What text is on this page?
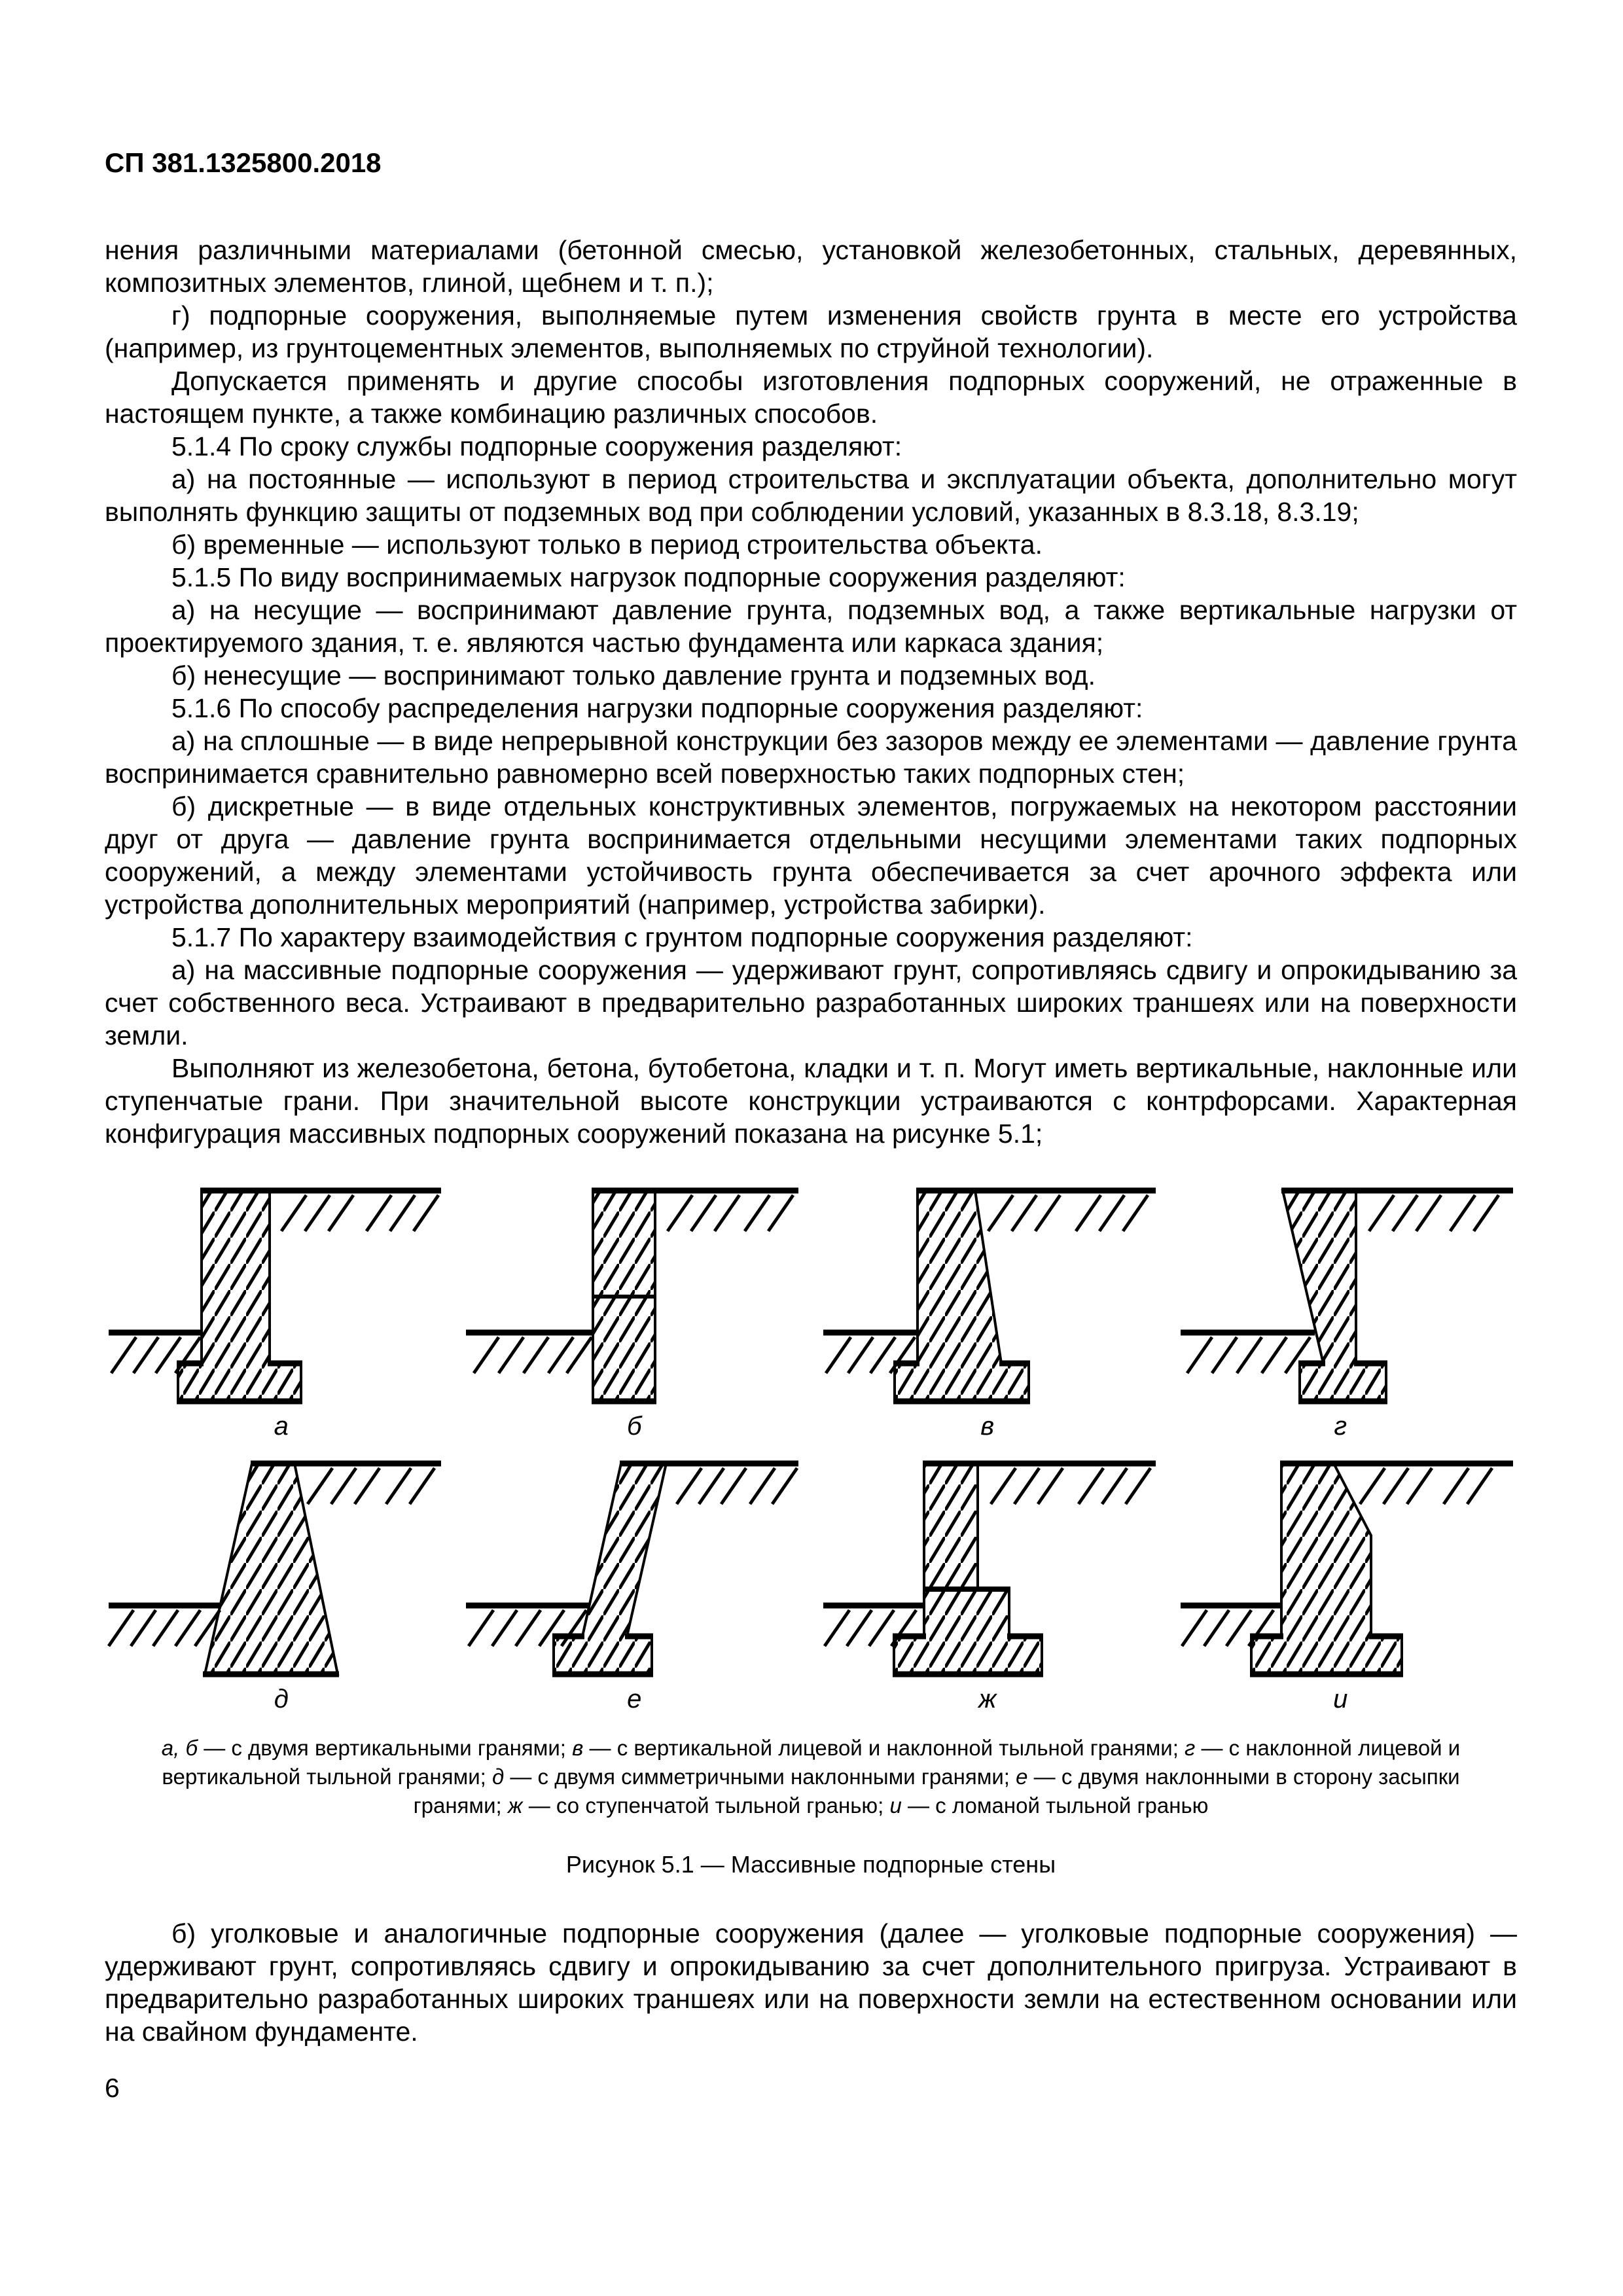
СП 381.1325800.2018

нения различными материалами (бетонной смесью, установкой железобетонных, стальных, деревянных, композитных элементов, глиной, щебнем и т. п.);

г) подпорные сооружения, выполняемые путем изменения свойств грунта в месте его устройства (например, из грунтоцементных элементов, выполняемых по струйной технологии).

Допускается применять и другие способы изготовления подпорных сооружений, не отраженные в настоящем пункте, а также комбинацию различных способов.

5.1.4 По сроку службы подпорные сооружения разделяют:

а) на постоянные — используют в период строительства и эксплуатации объекта, дополнительно могут выполнять функцию защиты от подземных вод при соблюдении условий, указанных в 8.3.18, 8.3.19;

б) временные — используют только в период строительства объекта.

5.1.5 По виду воспринимаемых нагрузок подпорные сооружения разделяют:

а) на несущие — воспринимают давление грунта, подземных вод, а также вертикальные нагрузки от проектируемого здания, т. е. являются частью фундамента или каркаса здания;

б) ненесущие — воспринимают только давление грунта и подземных вод.

5.1.6 По способу распределения нагрузки подпорные сооружения разделяют:

а) на сплошные — в виде непрерывной конструкции без зазоров между ее элементами — давление грунта воспринимается сравнительно равномерно всей поверхностью таких подпорных стен;

б) дискретные — в виде отдельных конструктивных элементов, погружаемых на некотором расстоянии друг от друга — давление грунта воспринимается отдельными несущими элементами таких подпорных сооружений, а между элементами устойчивость грунта обеспечивается за счет арочного эффекта или устройства дополнительных мероприятий (например, устройства забирки).

5.1.7 По характеру взаимодействия с грунтом подпорные сооружения разделяют:

а) на массивные подпорные сооружения — удерживают грунт, сопротивляясь сдвигу и опрокидыванию за счет собственного веса. Устраивают в предварительно разработанных широких траншеях или на поверхности земли.

Выполняют из железобетона, бетона, бутобетона, кладки и т. п. Могут иметь вертикальные, наклонные или ступенчатые грани. При значительной высоте конструкции устраиваются с контрфорсами. Характерная конфигурация массивных подпорных сооружений показана на рисунке 5.1;

а	б	в	г
д	е	ж	и
а, б — с двумя вертикальными гранями; в — с вертикальной лицевой и наклонной тыльной гранями; г — с наклонной лицевой и вертикальной тыльной гранями; д — с двумя симметричными наклонными гранями; е — с двумя наклонными в сторону засыпки гранями; ж — со ступенчатой тыльной гранью; и — с ломаной тыльной гранью
Рисунок 5.1 — Массивные подпорные стены

б) уголковые и аналогичные подпорные сооружения (далее — уголковые подпорные сооружения) — удерживают грунт, сопротивляясь сдвигу и опрокидыванию за счет дополнительного пригруза. Устраивают в предварительно разработанных широких траншеях или на поверхности земли на естественном основании или на свайном фундаменте.

6
